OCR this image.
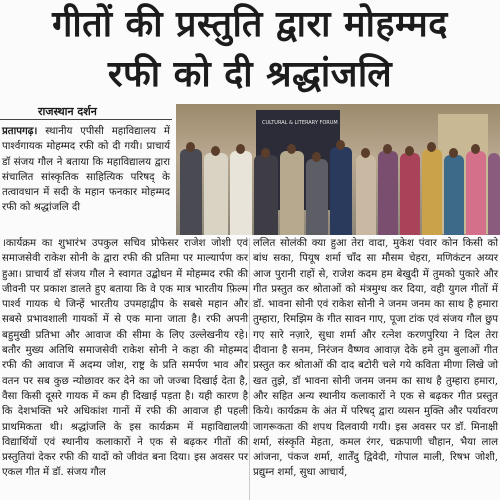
गीतों की प्रस्तुति द्वारा मोहम्मद
रफी को दी श्रद्धांजलि
राजस्थान दर्शन
प्रतापगढ़। स्थानीय एपीसी महाविद्यालय में पार्श्वगायक मोहम्मद रफी को दी गयी। प्राचार्य डॉ संजय गौल ने बताया कि महाविद्यालय द्वारा संचालित सांस्कृतिक साहित्यिक परिषद् के तत्वावधान में सदी के महान फनकार मोहम्मद रफी को श्रद्धांजलि दी
CULTURAL & LITERARY FORUM
।कार्यक्रम का शुभारंभ उपकुल सचिव प्रोफेसर राजेश जोशी एवं समाजसेवी राकेश सोनी के द्वारा रफी की प्रतिमा पर माल्यार्पण कर हुआ। प्राचार्य डॉ संजय गौल ने स्वागत उद्बोधन में मोहम्मद रफी की जीवनी पर प्रकाश डालते हुए बताया कि वे एक मात्र भारतीय फ़िल्म पार्श्व गायक थे जिन्हें भारतीय उपमहाद्वीप के सबसे महान और सबसे प्रभावशाली गायकों में से एक माना जाता है। रफी अपनी बहुमुखी प्रतिभा और आवाज की सीमा के लिए उल्लेखनीय रहे। बतौर मुख्य अतिथि समाजसेवी राकेश सोनी ने कहा की मोहम्मद रफी की आवाज में अदम्य जोश, राष्ट्र के प्रति समर्पण भाव और वतन पर सब कुछ न्योछावर कर देने का जो जज्बा दिखाई देता है, वैसा किसी दूसरे गायक में कम ही दिखाई पड़ता है। यही कारण है कि देशभक्ति भरे अधिकांश गानों में रफी की आवाज ही पहली प्राथमिकता थी। श्रद्धांजलि के इस कार्यक्रम में महाविद्यालयी विद्यार्थियों एवं स्थानीय कलाकारों ने एक से बढ़कर गीतों की प्रस्तुतियां देकर रफी की यादों को जीवंत बना दिया। इस अवसर पर एकल गीत में डॉ. संजय गौल
ललित सोलंकी क्या हुआ तेरा वादा, मुकेश पंवार कोन किसी को बांध सका, पियूष शर्मा चाँद सा मौसम चेहरा, मणिकंटन अय्यर आज पुरानी राहों से, राजेश कदम हम बेखुदी में तुमको पुकारे और गीत प्रस्तुत कर श्रोताओं को मंत्रमुग्ध कर दिया, वही युगल गीतों में डॉ. भावना सोनी एवं राकेश सोनी ने जनम जनम का साथ है हमारा तुम्हारा, रिमझिम के गीत सावन गाए, पूजा टांक एवं संजय गौल छुप गए सारे नज़ारे, सुधा शर्मा और रत्नेश करणपुरिया ने दिल तेरा दीवाना है सनम, निरंजन वैष्णव आवाज़ देके हमे तुम बुलाओं गीत प्रस्तुत कर श्रोताओं की दाद बटोरी चले गये कविता मीणा लिखे जो खत तुझे, डॉ भावना सोनी जनम जनम का साथ है तुम्हारा हमारा, और सहित अन्य स्थानीय कलाकारों ने एक से बढ़कर गीत प्रस्तुत किये। कार्यक्रम के अंत में परिषद् द्वारा व्यसन मुक्ति और पर्यावरण जागरूकता की शपथ दिलवायी गयी। इस अवसर पर डॉ. मिनाक्षी शर्मा, संस्कृति मेहता, कमल रंगर, चक्रपाणी चौहान, भैया लाल आंजना, पंकज शर्मा, शार्तेंदु द्विवेदी, गोपाल माली, रिषभ जोशी, प्रद्युम्न शर्मा, सुधा आचार्य,
